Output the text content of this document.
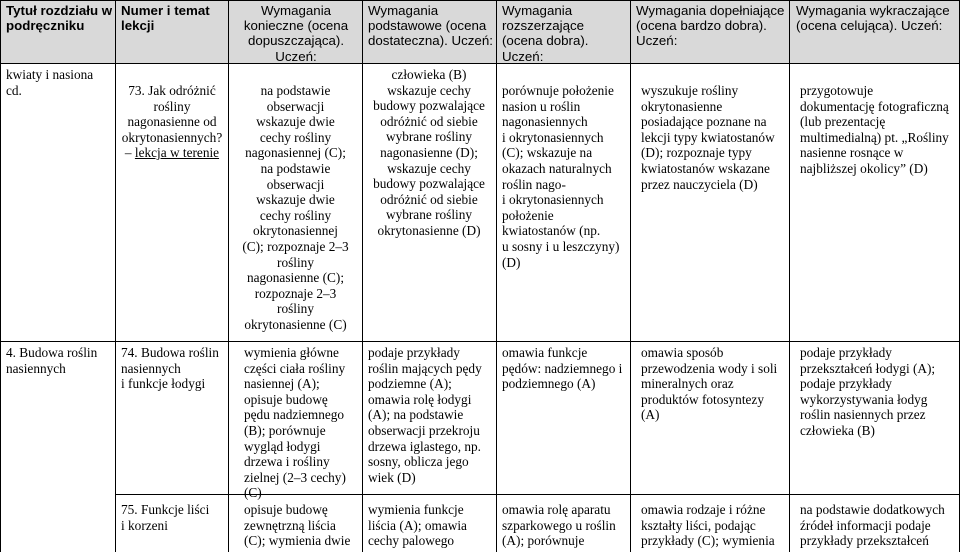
Tytuł rozdziału w podręczniku
Numer i temat lekcji
Wymagania konieczne (ocena dopuszczająca). Uczeń:
Wymagania podstawowe (ocena dostateczna). Uczeń:
Wymagania rozszerzające (ocena dobra). Uczeń:
Wymagania dopełniające (ocena bardzo dobra). Uczeń:
Wymagania wykraczające (ocena celująca). Uczeń:
kwiaty i nasiona
cd.	73. Jak odróżnić
rośliny
nagonasienne od
okrytonasiennych?
– lekcja w terenie
na podstawie
obserwacji
wskazuje dwie
cechy rośliny
nagonasiennej (C);
na podstawie
obserwacji
wskazuje dwie
cechy rośliny
okrytonasiennej
(C); rozpoznaje 2–3
rośliny
nagonasienne (C);
rozpoznaje 2–3
rośliny
okrytonasienne (C)
człowieka (B)
wskazuje cechy
budowy pozwalające
odróżnić od siebie
wybrane rośliny
nagonasienne (D);
wskazuje cechy
budowy pozwalające
odróżnić od siebie
wybrane rośliny
okrytonasienne (D)
porównuje położenie
nasion u roślin
nagonasiennych
i okrytonasiennych
(C); wskazuje na
okazach naturalnych
roślin nago-
i okrytonasiennych
położenie
kwiatostanów (np.
u sosny i u leszczyny)
(D)
wyszukuje rośliny
okrytonasienne
posiadające poznane na
lekcji typy kwiatostanów
(D); rozpoznaje typy
kwiatostanów wskazane
przez nauczyciela (D)
przygotowuje
dokumentację fotograficzną
(lub prezentację
multimedialną) pt. „Rośliny
nasienne rosnące w
najbliższej okolicy” (D)
4. Budowa roślin
nasiennych
74. Budowa roślin
nasiennych
i funkcje łodygi
wymienia główne
części ciała rośliny
nasiennej (A);
opisuje budowę
pędu nadziemnego
(B); porównuje
wygląd łodygi
drzewa i rośliny
zielnej (2–3 cechy)
(C)
podaje przykłady
roślin mających pędy
podziemne (A);
omawia rolę łodygi
(A); na podstawie
obserwacji przekroju
drzewa iglastego, np.
sosny, oblicza jego
wiek (D)
omawia funkcje
pędów: nadziemnego i
podziemnego (A)
omawia sposób
przewodzenia wody i soli
mineralnych oraz
produktów fotosyntezy
(A)
podaje przykłady
przekształceń łodygi (A);
podaje przykłady
wykorzystywania łodyg
roślin nasiennych przez
człowieka (B)
75. Funkcje liści
i korzeni
opisuje budowę
zewnętrzną liścia
(C); wymienia dwie
wymienia funkcje
liścia (A); omawia
cechy palowego
omawia rolę aparatu
szparkowego u roślin
(A); porównuje
omawia rodzaje i różne
kształty liści, podając
przykłady (C); wymienia
na podstawie dodatkowych
źródeł informacji podaje
przykłady przekształceń
